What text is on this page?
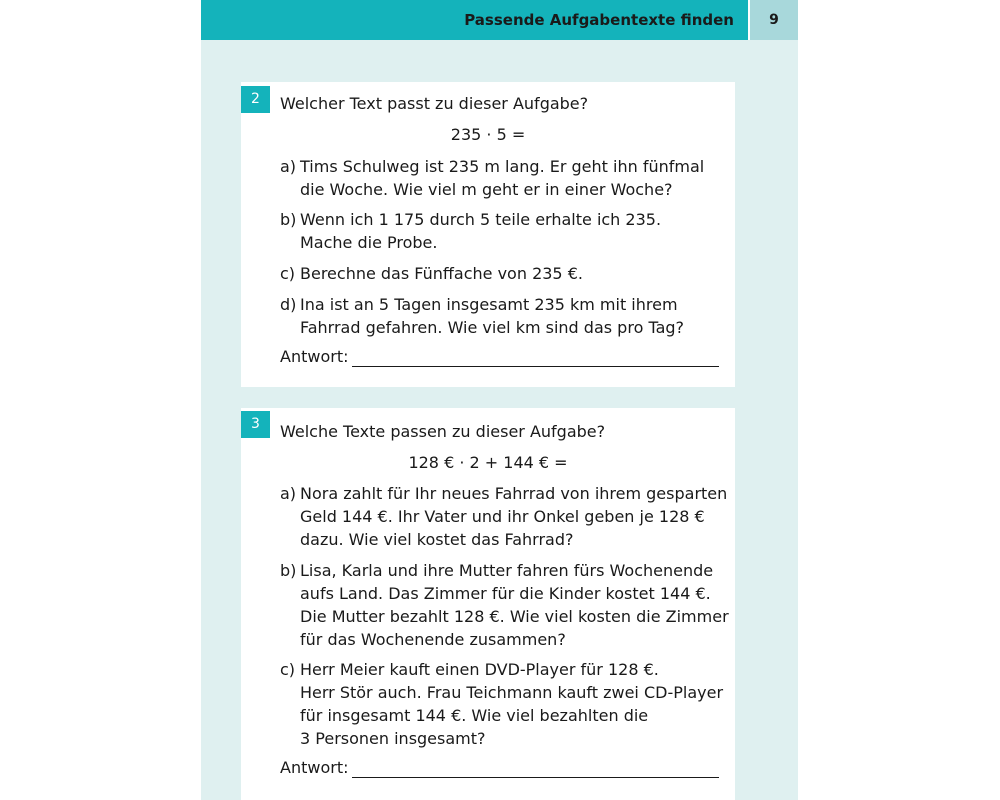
Passende Aufgabentexte finden	9
2	Welcher Text passt zu dieser Aufgabe?
235 · 5 =
a) Tims Schulweg ist 235 m lang. Er geht ihn fünfmal
die Woche. Wie viel m geht er in einer Woche?
b) Wenn ich 1 175 durch 5 teile erhalte ich 235.
Mache die Probe.
c) Berechne das Fünffache von 235 €.
d) Ina ist an 5 Tagen insgesamt 235 km mit ihrem
Fahrrad gefahren. Wie viel km sind das pro Tag?
Antwort:
3	Welche Texte passen zu dieser Aufgabe?
128 € · 2 + 144 € =
a) Nora zahlt für Ihr neues Fahrrad von ihrem gesparten
Geld 144 €. Ihr Vater und ihr Onkel geben je 128 €
dazu. Wie viel kostet das Fahrrad?
b) Lisa, Karla und ihre Mutter fahren fürs Wochenende
aufs Land. Das Zimmer für die Kinder kostet 144 €.
Die Mutter bezahlt 128 €. Wie viel kosten die Zimmer
für das Wochenende zusammen?
c) Herr Meier kauft einen DVD-Player für 128 €.
Herr Stör auch. Frau Teichmann kauft zwei CD-Player
für insgesamt 144 €. Wie viel bezahlten die
3 Personen insgesamt?
Antwort:
